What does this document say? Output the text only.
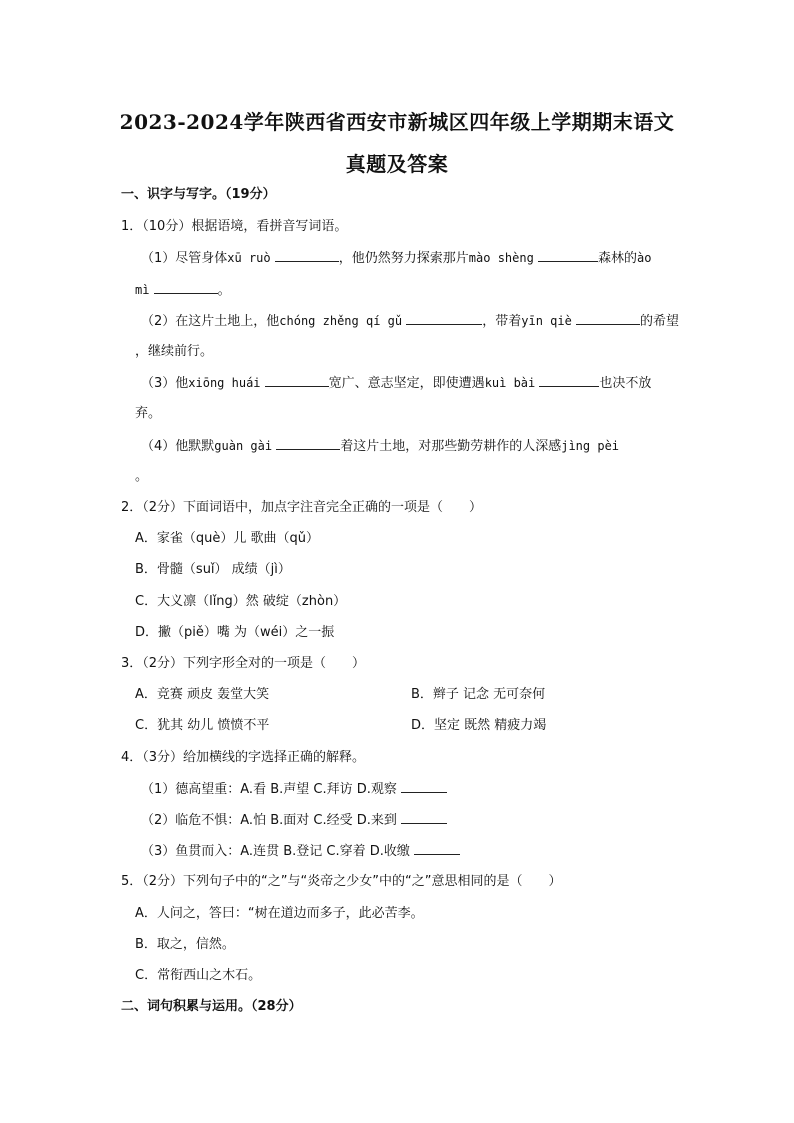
2023-2024学年陕西省西安市新城区四年级上学期期末语文
真题及答案
一、识字与写字。（19分）
1．（10分）根据语境，看拼音写词语。
（1）尽管身体xū ruò	，他仍然努力探索那片mào shèng	森林的ào
mì	。
（2）在这片土地上，他chóng zhěng qí gǔ	，带着yīn qiè	的希望
，继续前行。
（3）他xiōng huái	宽广、意志坚定，即使遭遇kuì bài	也决不放
弃。
（4）他默默guàn gài	着这片土地，对那些勤劳耕作的人深感jìng pèi
。
2．（2分）下面词语中，加点字注音完全正确的一项是（　　）
A．家雀（què）儿 歌曲（qǔ）
B．骨髓（suǐ） 成绩（jì）
C．大义凛（lǐng）然 破绽（zhòn）
D．撇（piě）嘴 为（wéi）之一振
3．（2分）下列字形全对的一项是（　　）
A．竞赛 顽皮 轰堂大笑	B．辫子 记念 无可奈何
C．犹其 幼儿 愤愤不平	D．坚定 既然 精疲力竭
4．（3分）给加横线的字选择正确的解释。
（1）德高望重：A.看 B.声望 C.拜访 D.观察
（2）临危不惧：A.怕 B.面对 C.经受 D.来到
（3）鱼贯而入：A.连贯 B.登记 C.穿着 D.收缴
5．（2分）下列句子中的“之”与“炎帝之少女”中的“之”意思相同的是（　　）
A．人问之，答曰：“树在道边而多子，此必苦李。
B．取之，信然。
C．常衔西山之木石。
二、词句积累与运用。（28分）
